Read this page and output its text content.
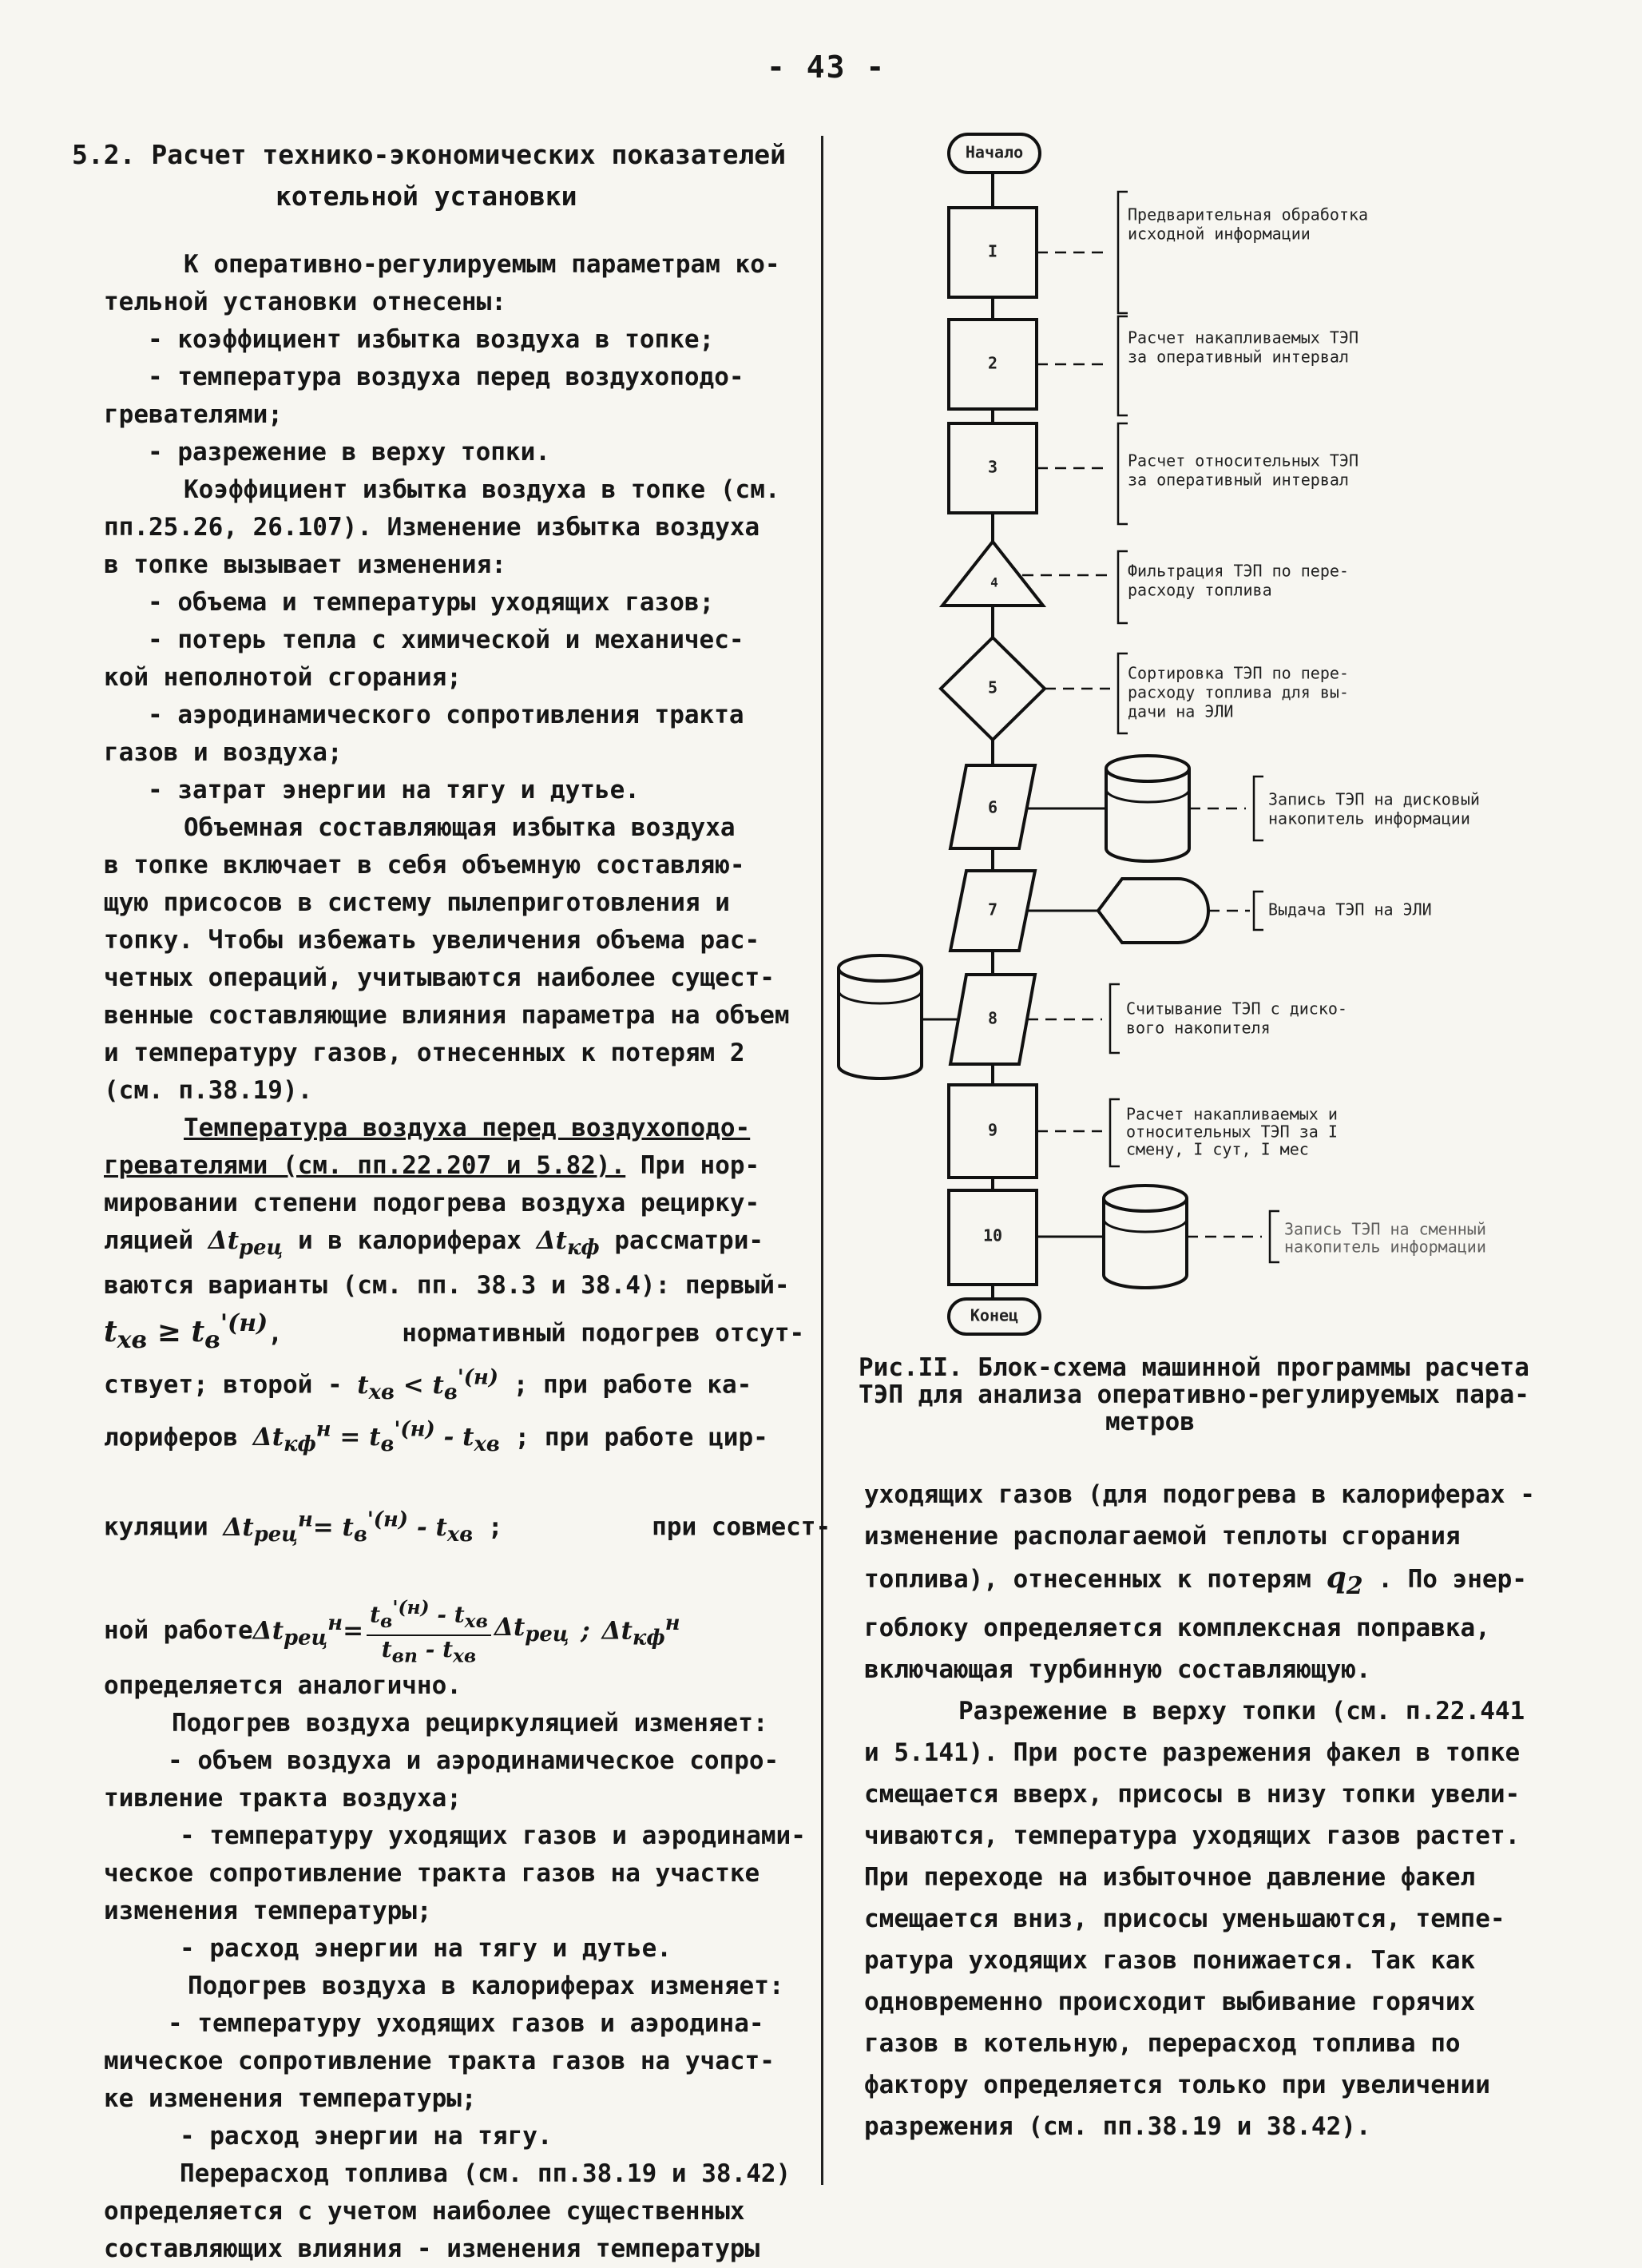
- 43 -
5.2. Расчет технико-экономических показателей
котельной установки

К оперативно-регулируемым параметрам ко-

тельной установки отнесены:

- коэффициент избытка воздуха в топке;

- температура воздуха перед воздухоподо-

гревателями;

- разрежение в верху топки.

Коэффициент избытка воздуха в топке (см.

пп.25.26, 26.107). Изменение избытка воздуха

в топке вызывает изменения:

- объема и температуры уходящих газов;

- потерь тепла с химической и механичес-

кой неполнотой сгорания;

- аэродинамического сопротивления тракта

газов и воздуха;

- затрат энергии на тягу и дутье.

Объемная составляющая избытка воздуха

в топке включает в себя объемную составляю-

щую присосов в систему пылеприготовления и

топку. Чтобы избежать увеличения объема рас-

четных операций, учитываются наиболее сущест-

венные составляющие влияния параметра на объем

и температуру газов, отнесенных к потерям 2

(см. п.38.19).

Температура воздуха перед воздухоподо-

гревателями (см. пп.22.207 и 5.82). При нор-

мировании степени подогрева воздуха рецирку-

ляцией $\Delta t_{рец}$ и в калориферах $\Delta t_{кф}$ рассматри-

ваются варианты (см. пп. 38.3 и 38.4): первый-

$t_{хв} \ge t_в^{'(н)}$,        нормативный подогрев отсут-

ствует; второй - $t_{хв} < t_в^{'(н)}$ ; при работе ка-

лориферов $\Delta t_{кф}^н = t_в^{'(н)} - t_{хв}$ ; при работе цир-

куляции $\Delta t_{рец}^н= t_в^{'(н)} - t_{хв}$ ;          при совмест-

ной работе $\Delta t_{рец}^н=$
$t_в^{'(н)} - t_{хв}$
$t_{вп} - t_{хв}$
$\Delta t_{рец}$ ; $\Delta t_{кф}^н$

определяется аналогично.

Подогрев воздуха рециркуляцией изменяет:

- объем воздуха и аэродинамическое сопро-

тивление тракта воздуха;

- температуру уходящих газов и аэродинами-

ческое сопротивление тракта газов на участке

изменения температуры;

- расход энергии на тягу и дутье.

Подогрев воздуха в калориферах изменяет:

- температуру уходящих газов и аэродина-

мическое сопротивление тракта газов на участ-

ке изменения температуры;

- расход энергии на тягу.

Перерасход топлива (см. пп.38.19 и 38.42)

определяется с учетом наиболее существенных

составляющих влияния - изменения температуры

Начало
I
Предварительная обработка
исходной информации
2
Расчет накапливаемых ТЭП
за оперативный интервал
3	Расчет относительных ТЭП
за оперативный интервал
4
Фильтрация ТЭП по пере-
расходу топлива
5
Сортировка ТЭП по пере-
расходу топлива для вы-
дачи на ЭЛИ
6	Запись ТЭП на дисковый
накопитель информации
7	Выдача ТЭП на ЭЛИ
8	Считывание ТЭП с диско-
вого накопителя
9
Расчет накапливаемых и
относительных ТЭП за I
смену, I сут, I мес
10	Запись ТЭП на сменный
накопитель информации
Конец
Рис.II. Блок-схема машинной программы расчета
ТЭП для анализа оперативно-регулируемых пара-
метров

уходящих газов (для подогрева в калориферах -

изменение располагаемой теплоты сгорания

топлива), отнесенных к потерям $q_2$ . По энер-

гоблоку определяется комплексная поправка,

включающая турбинную составляющую.

Разрежение в верху топки (см. п.22.441

и 5.141). При росте разрежения факел в топке

смещается вверх, присосы в низу топки увели-

чиваются, температура уходящих газов растет.

При переходе на избыточное давление факел

смещается вниз, присосы уменьшаются, темпе-

ратура уходящих газов понижается. Так как

одновременно происходит выбивание горячих

газов в котельную, перерасход топлива по

фактору определяется только при увеличении

разрежения (см. пп.38.19 и 38.42).
